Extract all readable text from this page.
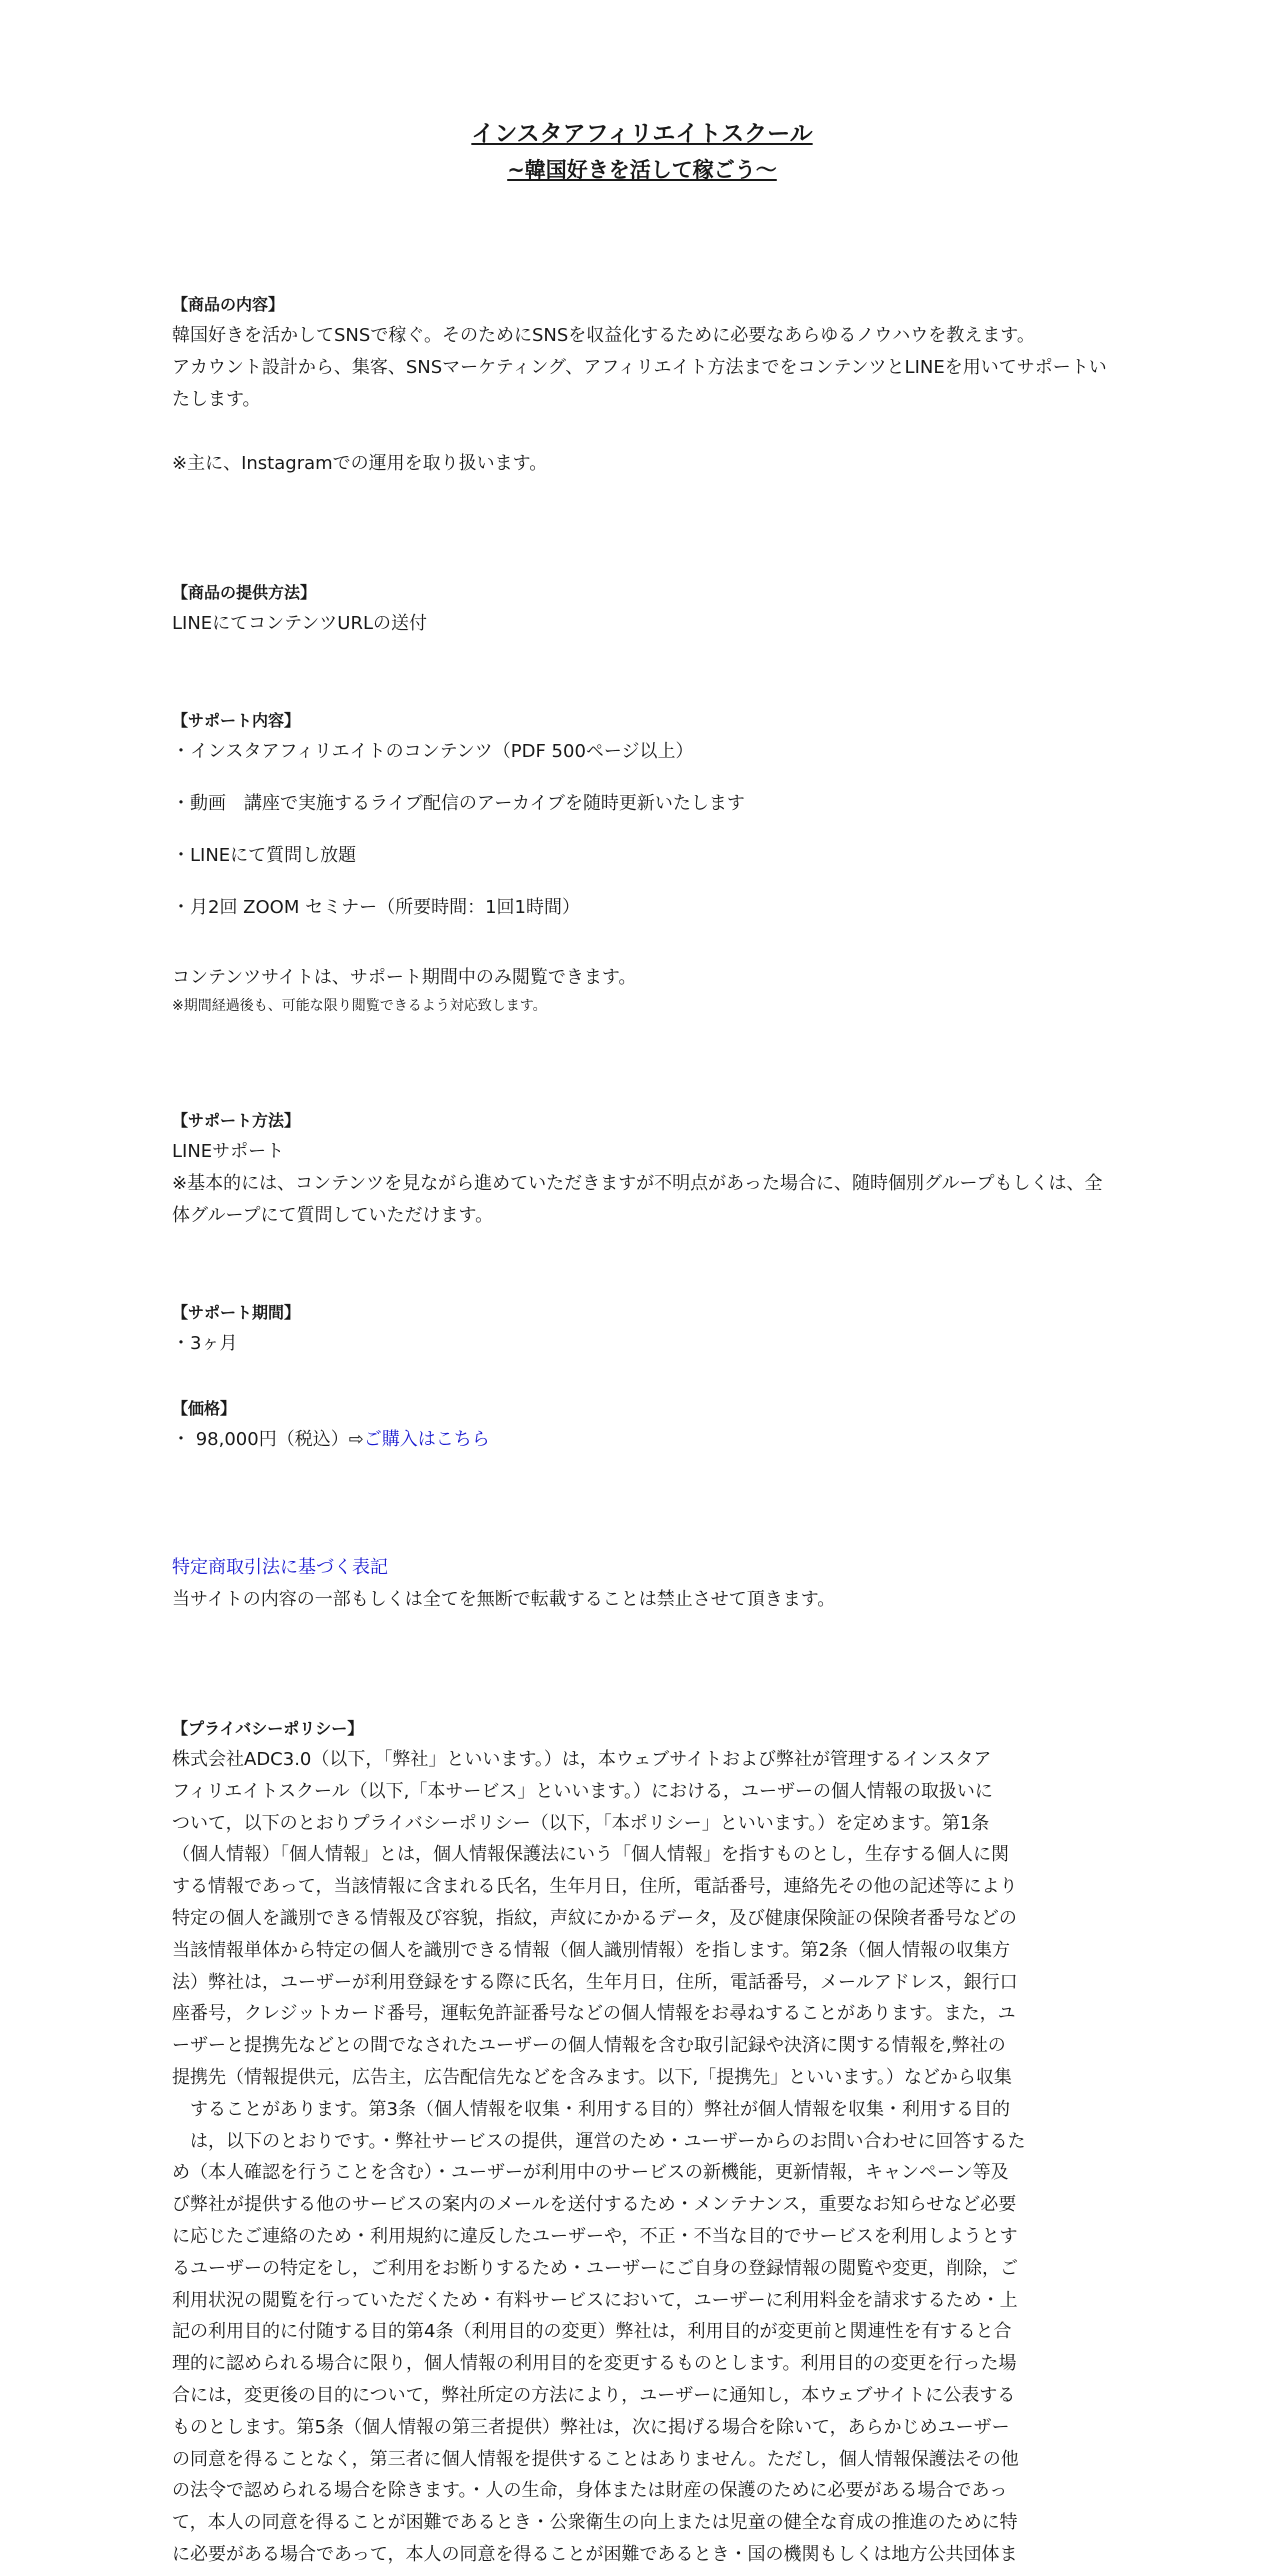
インスタアフィリエイトスクール
~韓国好きを活して稼ごう〜
【商品の内容】
韓国好きを活かしてSNSで稼ぐ。そのためにSNSを収益化するために必要なあらゆるノウハウを教えます。
アカウント設計から、集客、SNSマーケティング、アフィリエイト方法までをコンテンツとLINEを用いてサポートいたします。
※主に、Instagramでの運用を取り扱います。
【商品の提供方法】
LINEにてコンテンツURLの送付
【サポート内容】
・インスタアフィリエイトのコンテンツ（PDF 500ページ以上）
・動画　講座で実施するライブ配信のアーカイブを随時更新いたします
・LINEにて質問し放題
・月2回 ZOOM セミナー（所要時間：1回1時間）
コンテンツサイトは、サポート期間中のみ閲覧できます。
※期間経過後も、可能な限り閲覧できるよう対応致します。
【サポート方法】
LINEサポート
※基本的には、コンテンツを見ながら進めていただきますが不明点があった場合に、随時個別グループもしくは、全体グループにて質問していただけます。
【サポート期間】
・3ヶ月
【価格】
・ 98,000円（税込）⇨ご購入はこちら
特定商取引法に基づく表記
当サイトの内容の一部もしくは全てを無断で転載することは禁止させて頂きます。
【プライバシーポリシー】
株式会社ADC3.0（以下，「弊社」といいます。）は，本ウェブサイトおよび弊社が管理するインスタア
フィリエイトスクール（以下,「本サービス」といいます。）における，ユーザーの個人情報の取扱いに
ついて，以下のとおりプライバシーポリシー（以下，「本ポリシー」といいます。）を定めます。第1条
（個人情報）「個人情報」とは，個人情報保護法にいう「個人情報」を指すものとし，生存する個人に関
する情報であって，当該情報に含まれる氏名，生年月日，住所，電話番号，連絡先その他の記述等により
特定の個人を識別できる情報及び容貌，指紋，声紋にかかるデータ，及び健康保険証の保険者番号などの
当該情報単体から特定の個人を識別できる情報（個人識別情報）を指します。第2条（個人情報の収集方
法）弊社は，ユーザーが利用登録をする際に氏名，生年月日，住所，電話番号，メールアドレス，銀行口
座番号，クレジットカード番号，運転免許証番号などの個人情報をお尋ねすることがあります。また，ユ
ーザーと提携先などとの間でなされたユーザーの個人情報を含む取引記録や決済に関する情報を,弊社の
提携先（情報提供元，広告主，広告配信先などを含みます。以下,「提携先」といいます。）などから収集
　することがあります。第3条（個人情報を収集・利用する目的）弊社が個人情報を収集・利用する目的
　は，以下のとおりです。・弊社サービスの提供，運営のため・ユーザーからのお問い合わせに回答するた
め（本人確認を行うことを含む）・ユーザーが利用中のサービスの新機能，更新情報，キャンペーン等及
び弊社が提供する他のサービスの案内のメールを送付するため・メンテナンス，重要なお知らせなど必要
に応じたご連絡のため・利用規約に違反したユーザーや，不正・不当な目的でサービスを利用しようとす
るユーザーの特定をし，ご利用をお断りするため・ユーザーにご自身の登録情報の閲覧や変更，削除，ご
利用状況の閲覧を行っていただくため・有料サービスにおいて，ユーザーに利用料金を請求するため・上
記の利用目的に付随する目的第4条（利用目的の変更）弊社は，利用目的が変更前と関連性を有すると合
理的に認められる場合に限り，個人情報の利用目的を変更するものとします。利用目的の変更を行った場
合には，変更後の目的について，弊社所定の方法により，ユーザーに通知し，本ウェブサイトに公表する
ものとします。第5条（個人情報の第三者提供）弊社は，次に掲げる場合を除いて，あらかじめユーザー
の同意を得ることなく，第三者に個人情報を提供することはありません。ただし，個人情報保護法その他
の法令で認められる場合を除きます。・人の生命，身体または財産の保護のために必要がある場合であっ
て，本人の同意を得ることが困難であるとき・公衆衛生の向上または児童の健全な育成の推進のために特
に必要がある場合であって，本人の同意を得ることが困難であるとき・国の機関もしくは地方公共団体ま
